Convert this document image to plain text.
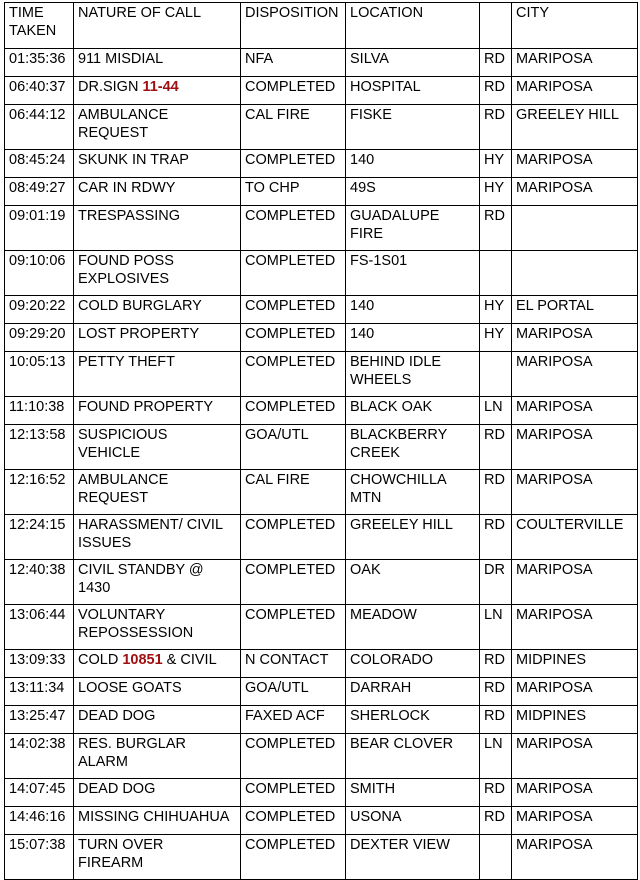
TIME
TAKEN	NATURE OF CALL	DISPOSITION	LOCATION		CITY
01:35:36	911 MISDIAL	NFA	SILVA	RD	MARIPOSA
06:40:37	DR.SIGN 11-44	COMPLETED	HOSPITAL	RD	MARIPOSA
06:44:12	AMBULANCE
REQUEST	CAL FIRE	FISKE	RD	GREELEY HILL
08:45:24	SKUNK IN TRAP	COMPLETED	140	HY	MARIPOSA
08:49:27	CAR IN RDWY	TO CHP	49S	HY	MARIPOSA
09:01:19	TRESPASSING	COMPLETED	GUADALUPE
FIRE	RD	
09:10:06	FOUND POSS
EXPLOSIVES	COMPLETED	FS-1S01		
09:20:22	COLD BURGLARY	COMPLETED	140	HY	EL PORTAL
09:29:20	LOST PROPERTY	COMPLETED	140	HY	MARIPOSA
10:05:13	PETTY THEFT	COMPLETED	BEHIND IDLE
WHEELS		MARIPOSA
11:10:38	FOUND PROPERTY	COMPLETED	BLACK OAK	LN	MARIPOSA
12:13:58	SUSPICIOUS
VEHICLE	GOA/UTL	BLACKBERRY
CREEK	RD	MARIPOSA
12:16:52	AMBULANCE
REQUEST	CAL FIRE	CHOWCHILLA
MTN	RD	MARIPOSA
12:24:15	HARASSMENT/ CIVIL
ISSUES	COMPLETED	GREELEY HILL	RD	COULTERVILLE
12:40:38	CIVIL STANDBY @
1430	COMPLETED	OAK	DR	MARIPOSA
13:06:44	VOLUNTARY
REPOSSESSION	COMPLETED	MEADOW	LN	MARIPOSA
13:09:33	COLD 10851 & CIVIL	N CONTACT	COLORADO	RD	MIDPINES
13:11:34	LOOSE GOATS	GOA/UTL	DARRAH	RD	MARIPOSA
13:25:47	DEAD DOG	FAXED ACF	SHERLOCK	RD	MIDPINES
14:02:38	RES. BURGLAR
ALARM	COMPLETED	BEAR CLOVER	LN	MARIPOSA
14:07:45	DEAD DOG	COMPLETED	SMITH	RD	MARIPOSA
14:46:16	MISSING CHIHUAHUA	COMPLETED	USONA	RD	MARIPOSA
15:07:38	TURN OVER
FIREARM	COMPLETED	DEXTER VIEW		MARIPOSA
